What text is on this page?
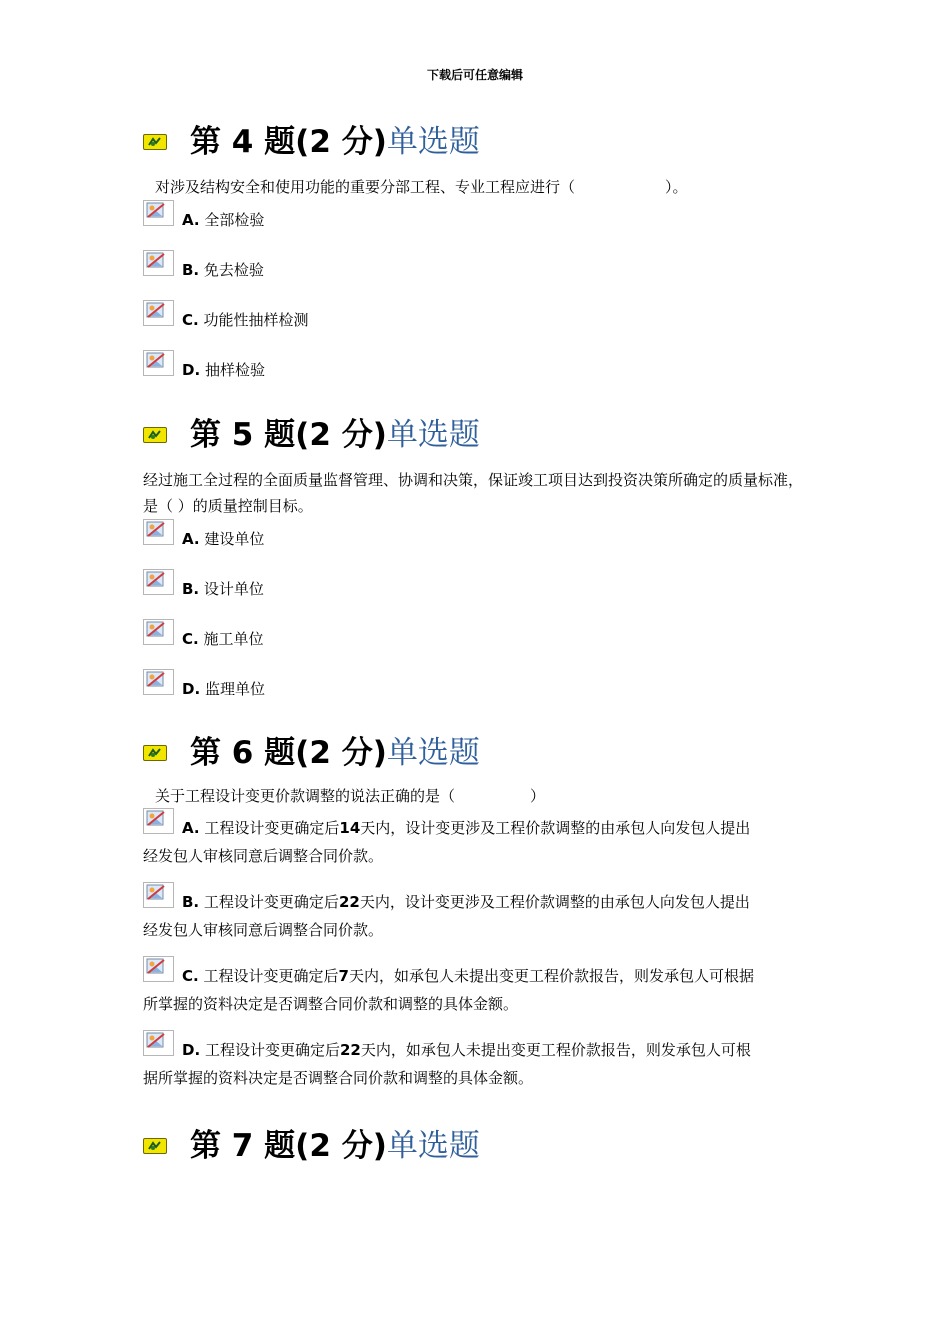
下载后可任意编辑
第 4 题(2 分)单选题
对涉及结构安全和使用功能的重要分部工程、专业工程应进行（　　　　　　）。
A. 全部检验
B. 免去检验
C. 功能性抽样检测
D. 抽样检验
第 5 题(2 分)单选题
经过施工全过程的全面质量监督管理、协调和决策，保证竣工项目达到投资决策所确定的质量标准，是（ ）的质量控制目标。
A. 建设单位
B. 设计单位
C. 施工单位
D. 监理单位
第 6 题(2 分)单选题
关于工程设计变更价款调整的说法正确的是（　　　　　）
A. 工程设计变更确定后14天内，设计变更涉及工程价款调整的由承包人向发包人提出
经发包人审核同意后调整合同价款。
B. 工程设计变更确定后22天内，设计变更涉及工程价款调整的由承包人向发包人提出
经发包人审核同意后调整合同价款。
C. 工程设计变更确定后7天内，如承包人未提出变更工程价款报告，则发承包人可根据
所掌握的资料决定是否调整合同价款和调整的具体金额。
D. 工程设计变更确定后22天内，如承包人未提出变更工程价款报告，则发承包人可根
据所掌握的资料决定是否调整合同价款和调整的具体金额。
第 7 题(2 分)单选题
